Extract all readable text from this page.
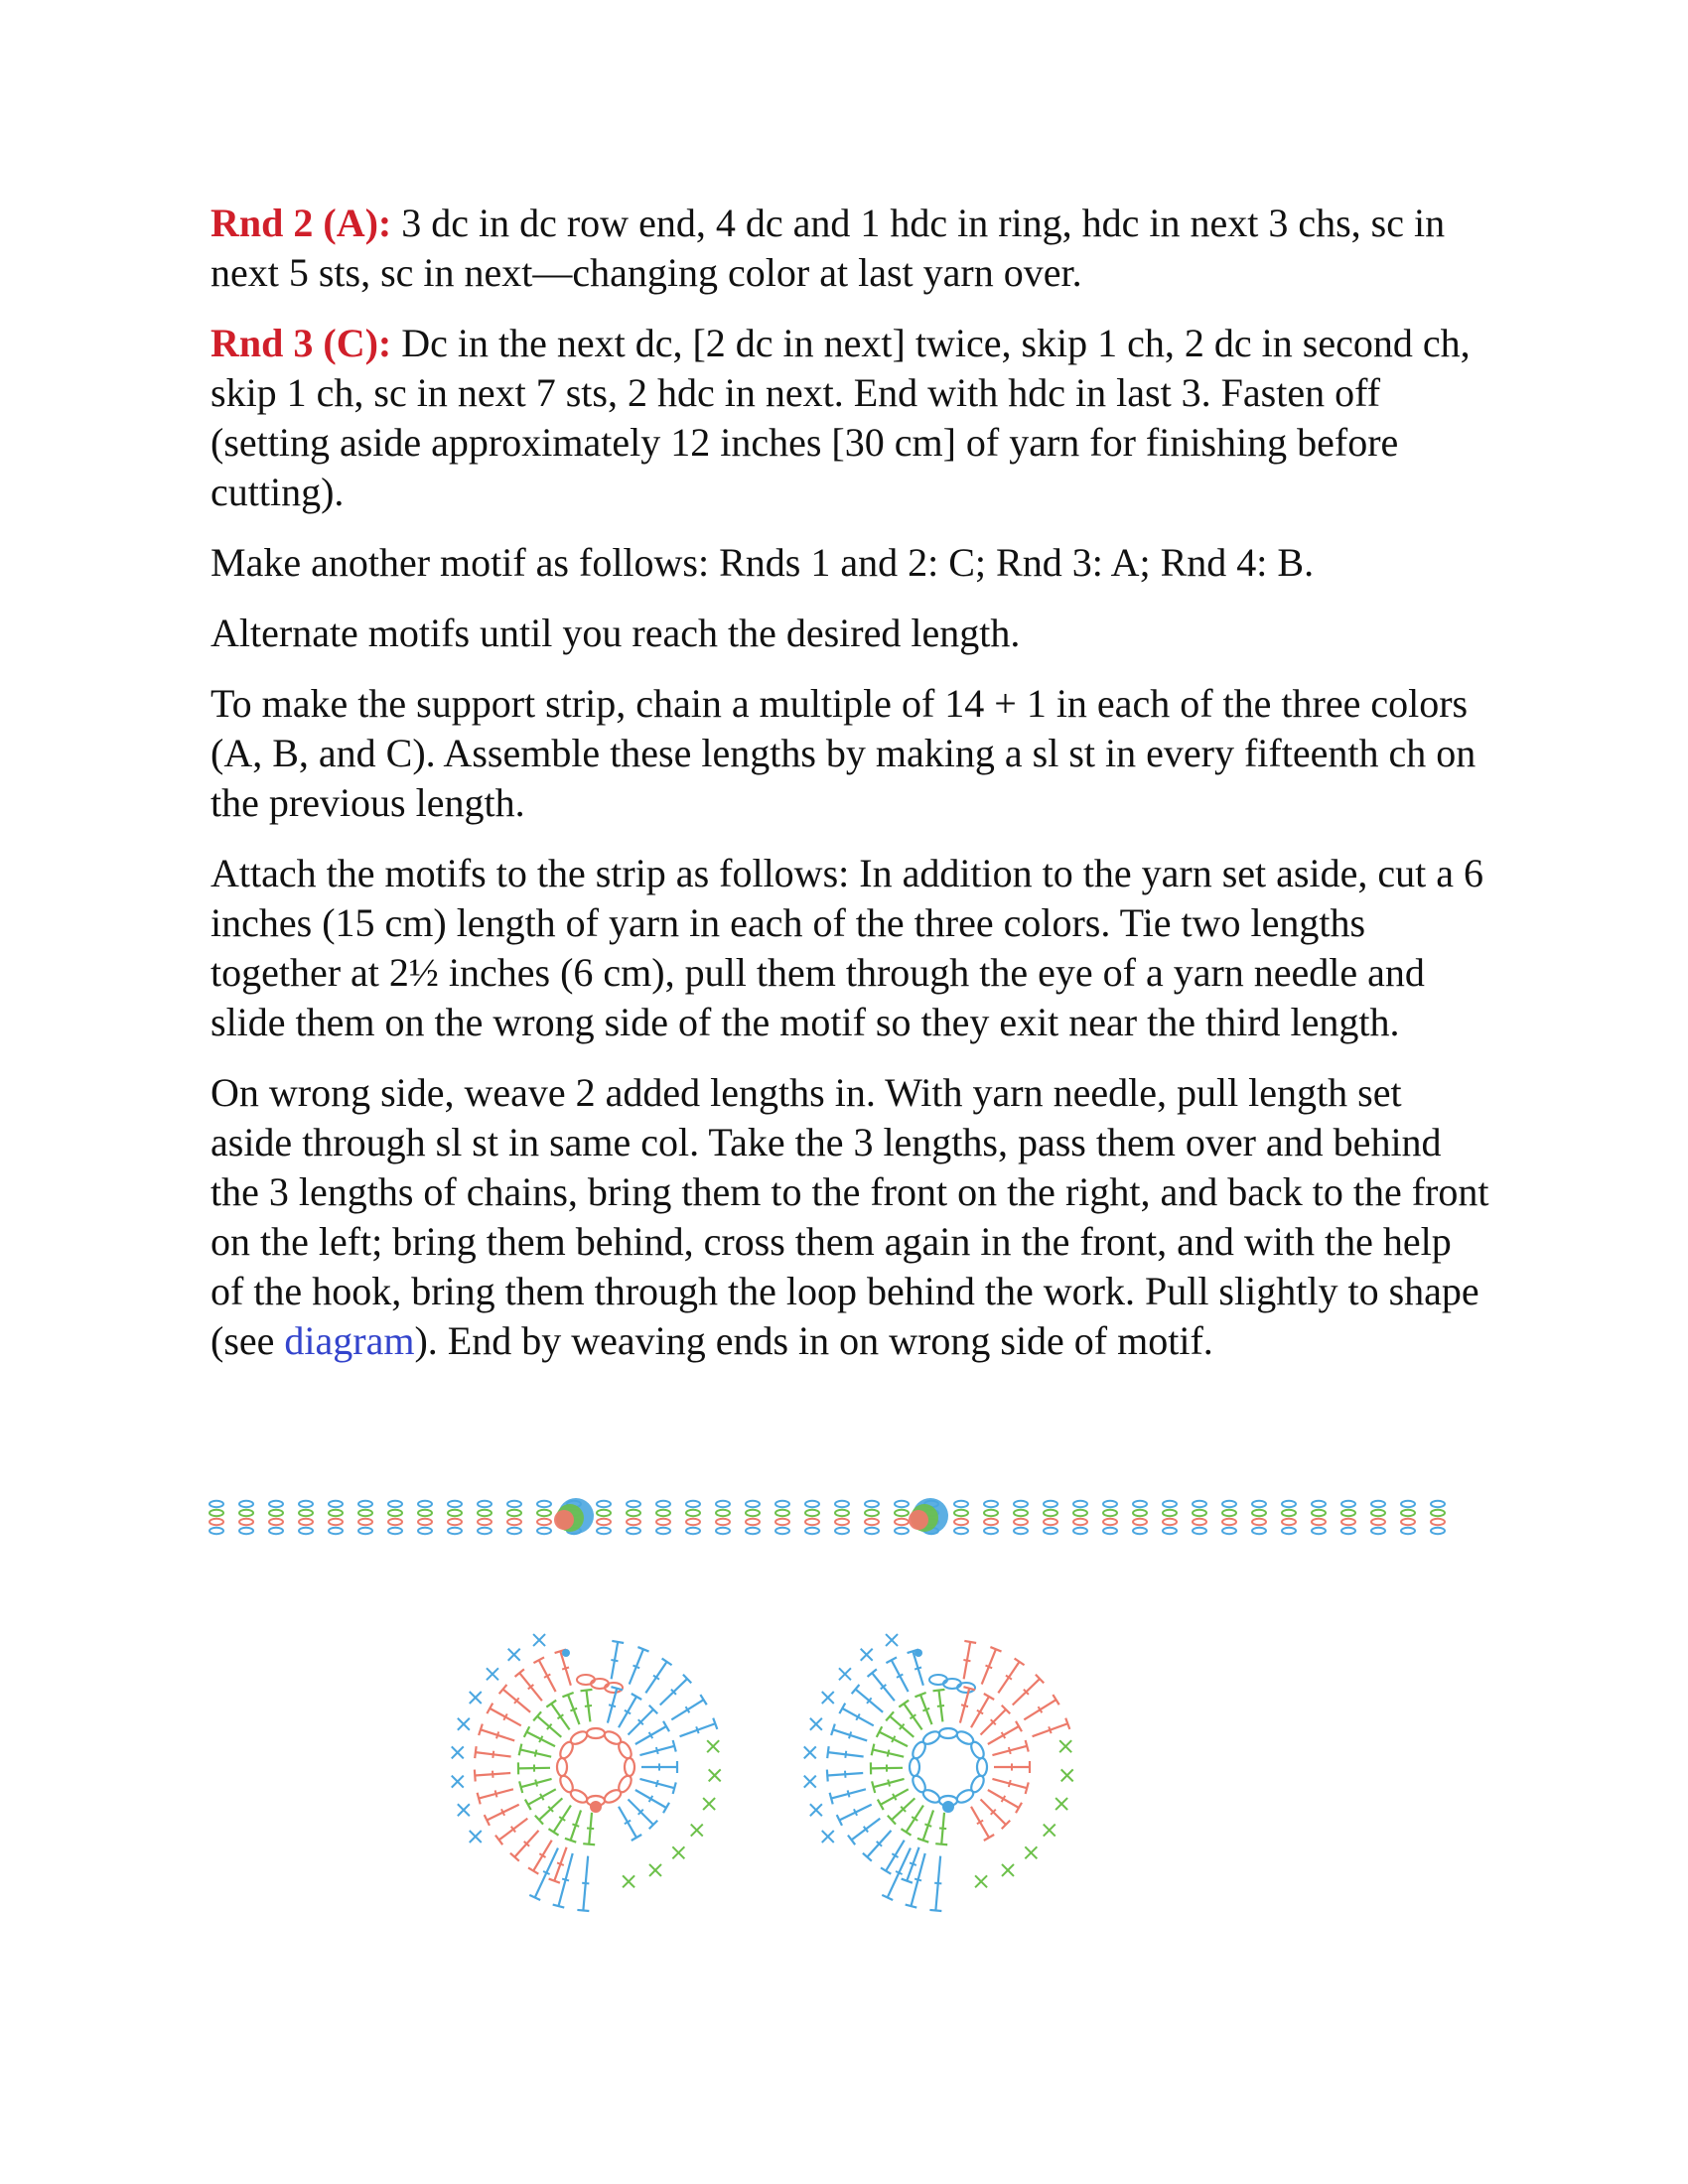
Rnd 2 (A): 3 dc in dc row end, 4 dc and 1 hdc in ring, hdc in next 3 chs, sc in next 5 sts, sc in next—changing color at last yarn over.

Rnd 3 (C): Dc in the next dc, [2 dc in next] twice, skip 1 ch, 2 dc in second ch, skip 1 ch, sc in next 7 sts, 2 hdc in next. End with hdc in last 3. Fasten off (setting aside approximately 12 inches [30 cm] of yarn for finishing before cutting).

Make another motif as follows: Rnds 1 and 2: C; Rnd 3: A; Rnd 4: B.

Alternate motifs until you reach the desired length.

To make the support strip, chain a multiple of 14 + 1 in each of the three colors (A, B, and C). Assemble these lengths by making a sl st in every fifteenth ch on the previous length.

Attach the motifs to the strip as follows: In addition to the yarn set aside, cut a 6 inches (15 cm) length of yarn in each of the three colors. Tie two lengths together at 2½ inches (6 cm), pull them through the eye of a yarn needle and slide them on the wrong side of the motif so they exit near the third length.

On wrong side, weave 2 added lengths in. With yarn needle, pull length set aside through sl st in same col. Take the 3 lengths, pass them over and behind the 3 lengths of chains, bring them to the front on the right, and back to the front on the left; bring them behind, cross them again in the front, and with the help of the hook, bring them through the loop behind the work. Pull slightly to shape (see diagram). End by weaving ends in on wrong side of motif.
